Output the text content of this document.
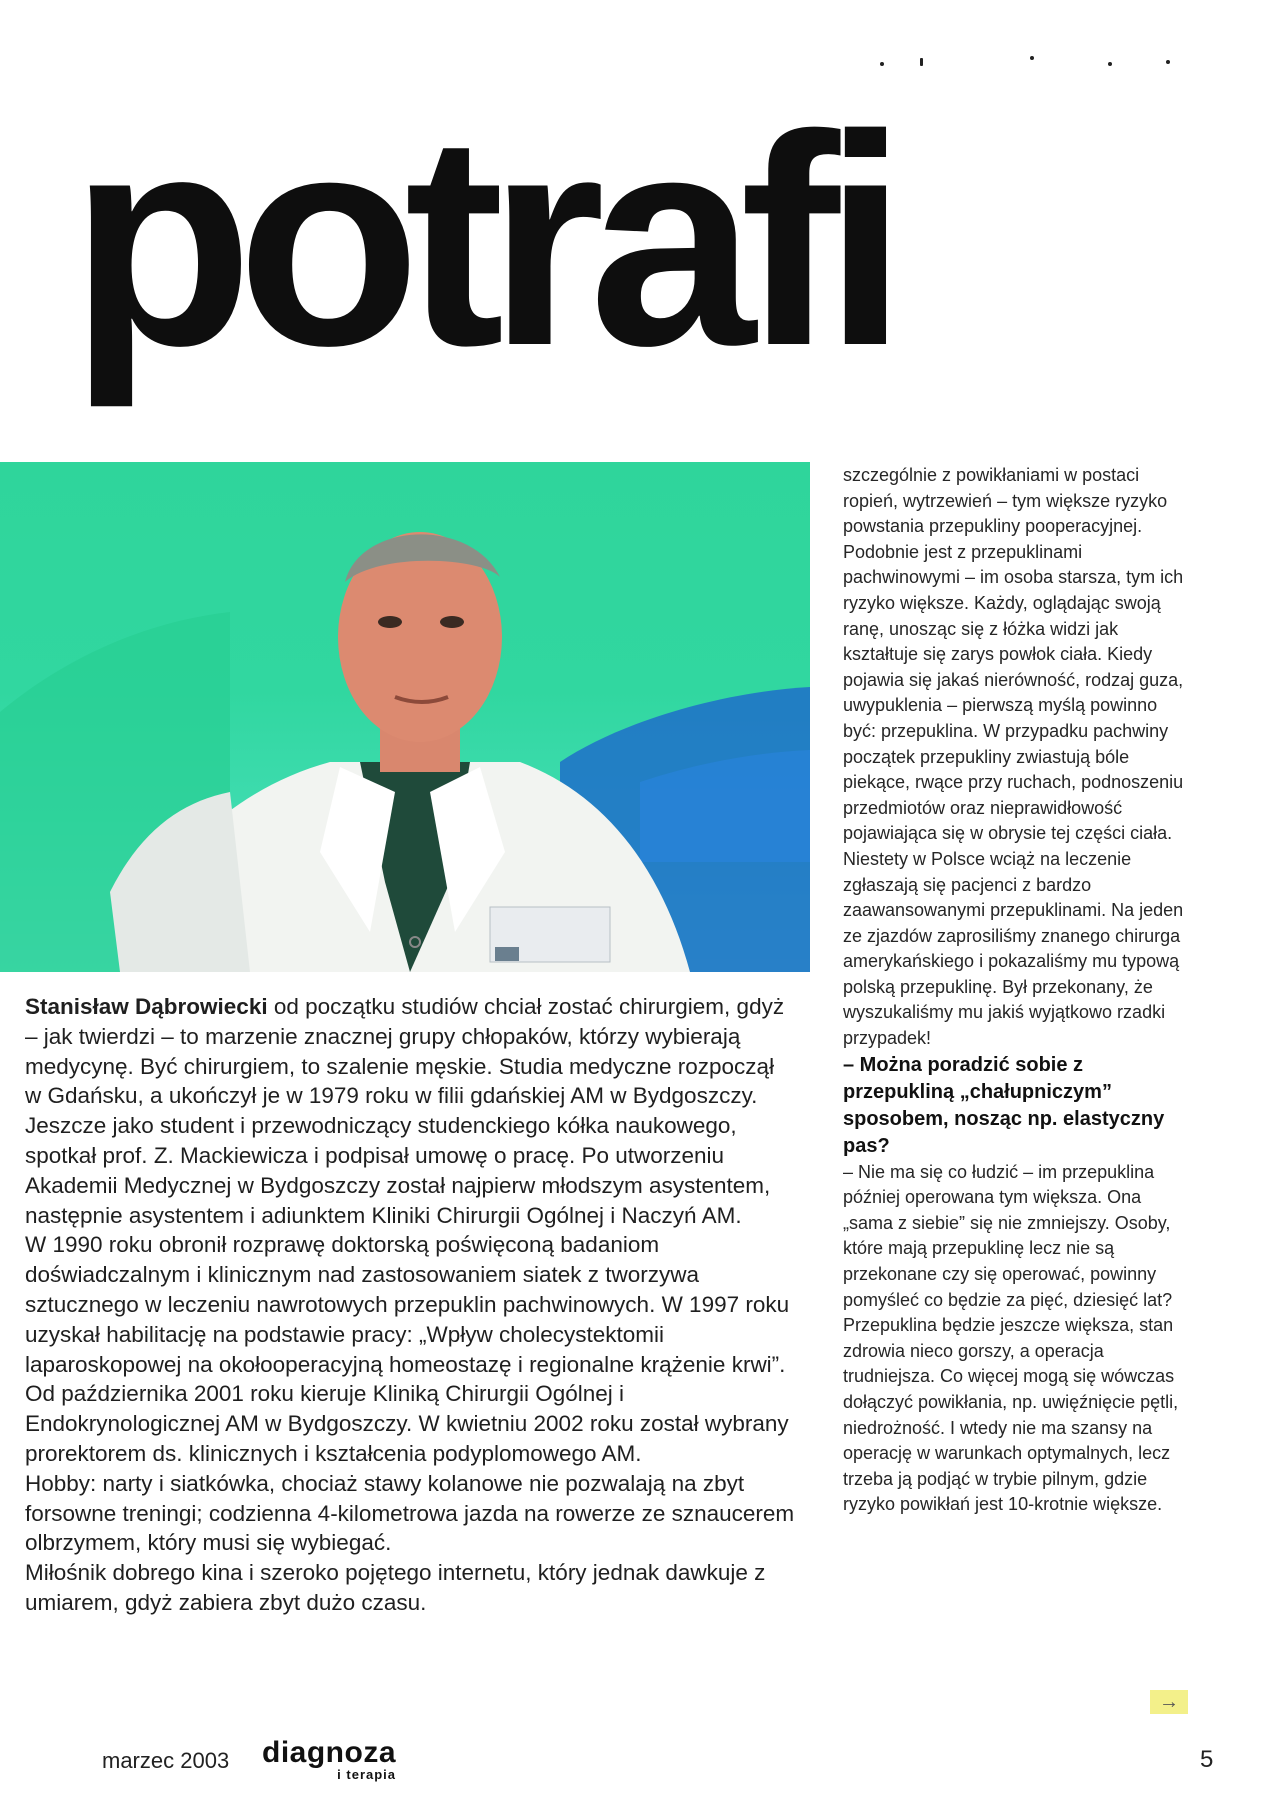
potrafi

Stanisław Dąbrowiecki od początku studiów chciał zostać chirurgiem, gdyż – jak twierdzi – to marzenie znacznej grupy chłopaków, którzy wybierają medycynę. Być chirurgiem, to szalenie męskie. Studia medyczne rozpoczął w Gdańsku, a ukończył je w 1979 roku w filii gdańskiej AM w Bydgoszczy. Jeszcze jako student i przewodniczący studenckiego kółka naukowego, spotkał prof. Z. Mackiewicza i podpisał umowę o pracę. Po utworzeniu Akademii Medycznej w Bydgoszczy został najpierw młodszym asystentem, następnie asystentem i adiunktem Kliniki Chirurgii Ogólnej i Naczyń AM.

W 1990 roku obronił rozprawę doktorską poświęconą badaniom doświadczalnym i klinicznym nad zastosowaniem siatek z tworzywa sztucznego w leczeniu nawrotowych przepuklin pachwinowych. W 1997 roku uzyskał habilitację na podstawie pracy: „Wpływ cholecystektomii laparoskopowej na okołooperacyjną homeostazę i regionalne krążenie krwi”.

Od października 2001 roku kieruje Kliniką Chirurgii Ogólnej i Endokrynologicznej AM w Bydgoszczy. W kwietniu 2002 roku został wybrany prorektorem ds. klinicznych i kształcenia podyplomowego AM.

Hobby: narty i siatkówka, chociaż stawy kolanowe nie pozwalają na zbyt forsowne treningi; codzienna 4-kilometrowa jazda na rowerze ze sznaucerem olbrzymem, który musi się wybiegać.

Miłośnik dobrego kina i szeroko pojętego internetu, który jednak dawkuje z umiarem, gdyż zabiera zbyt dużo czasu.

szczególnie z powikłaniami w postaci ropień, wytrzewień – tym większe ryzyko powstania przepukliny pooperacyjnej. Podobnie jest z przepuklinami pachwinowymi – im osoba starsza, tym ich ryzyko większe. Każdy, oglądając swoją ranę, unosząc się z łóżka widzi jak kształtuje się zarys powłok ciała. Kiedy pojawia się jakaś nierówność, rodzaj guza, uwypuklenia – pierwszą myślą powinno być: przepuklina. W przypadku pachwiny początek przepukliny zwiastują bóle piekące, rwące przy ruchach, podnoszeniu przedmiotów oraz nieprawidłowość pojawiająca się w obrysie tej części ciała.

Niestety w Polsce wciąż na leczenie zgłaszają się pacjenci z bardzo zaawansowanymi przepuklinami. Na jeden ze zjazdów zaprosiliśmy znanego chirurga amerykańskiego i pokazaliśmy mu typową polską przepuklinę. Był przekonany, że wyszukaliśmy mu jakiś wyjątkowo rzadki przypadek!

– Można poradzić sobie z przepukliną „chałupniczym” sposobem, nosząc np. elastyczny pas?

– Nie ma się co łudzić – im przepuklina później operowana tym większa. Ona „sama z siebie” się nie zmniejszy. Osoby, które mają przepuklinę lecz nie są przekonane czy się operować, powinny pomyśleć co będzie za pięć, dziesięć lat? Przepuklina będzie jeszcze większa, stan zdrowia nieco gorszy, a operacja trudniejsza. Co więcej mogą się wówczas dołączyć powikłania, np. uwięźnięcie pętli, niedrożność. I wtedy nie ma szansy na operację w warunkach optymalnych, lecz trzeba ją podjąć w trybie pilnym, gdzie ryzyko powikłań jest 10-krotnie większe.

→
marzec 2003 diagnoza
i terapia
5
